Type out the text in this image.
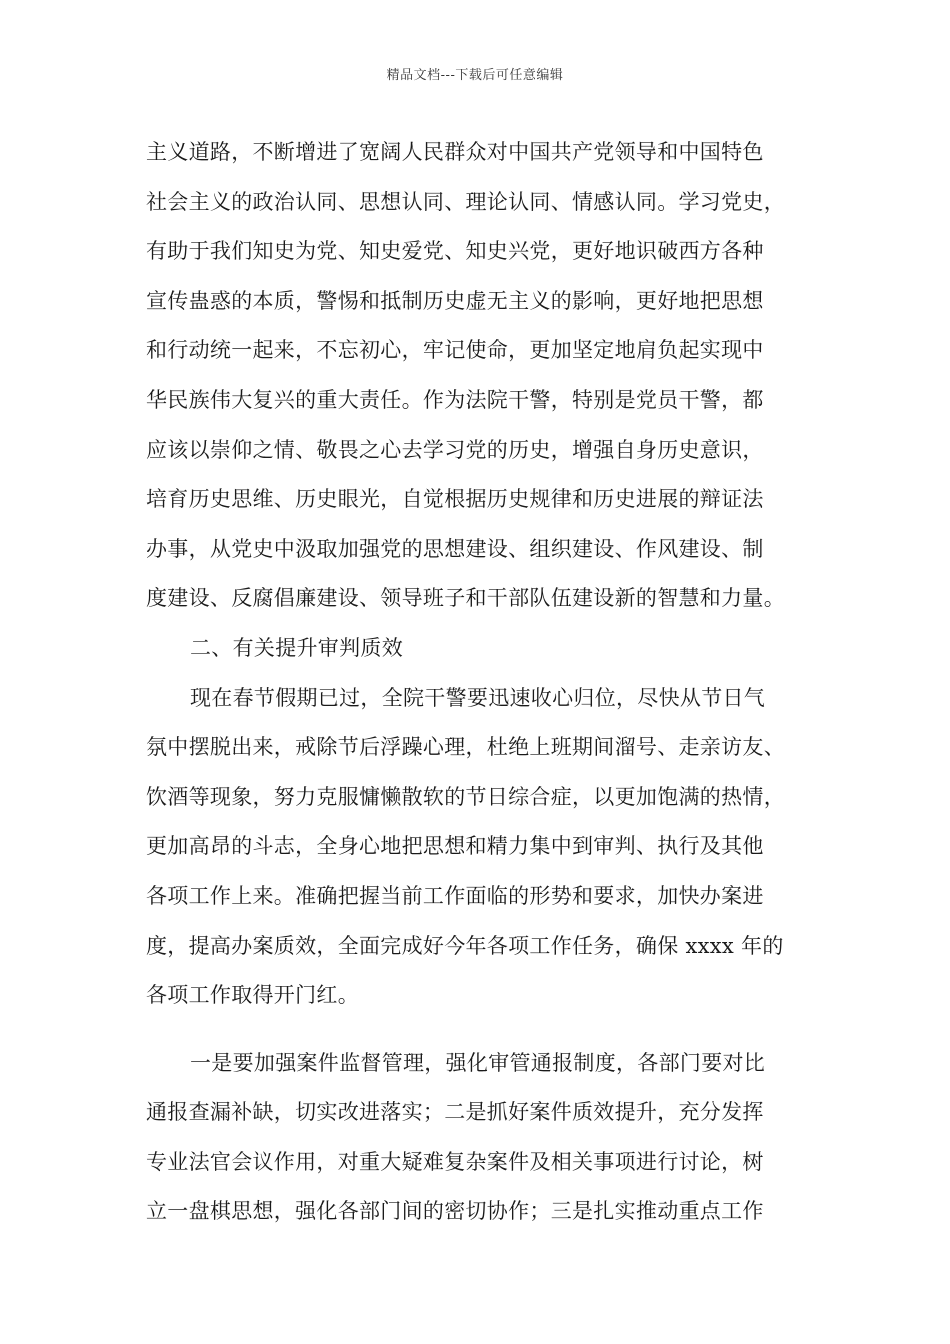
精品文档---下载后可任意编辑
主义道路，不断增进了宽阔人民群众对中国共产党领导和中国特色
社会主义的政治认同、思想认同、理论认同、情感认同。学习党史，
有助于我们知史为党、知史爱党、知史兴党，更好地识破西方各种
宣传蛊惑的本质，警惕和抵制历史虚无主义的影响，更好地把思想
和行动统一起来，不忘初心，牢记使命，更加坚定地肩负起实现中
华民族伟大复兴的重大责任。作为法院干警，特别是党员干警，都
应该以崇仰之情、敬畏之心去学习党的历史，增强自身历史意识，
培育历史思维、历史眼光，自觉根据历史规律和历史进展的辩证法
办事，从党史中汲取加强党的思想建设、组织建设、作风建设、制
度建设、反腐倡廉建设、领导班子和干部队伍建设新的智慧和力量。
二、有关提升审判质效
现在春节假期已过，全院干警要迅速收心归位，尽快从节日气
氛中摆脱出来，戒除节后浮躁心理，杜绝上班期间溜号、走亲访友、
饮酒等现象，努力克服慵懒散软的节日综合症，以更加饱满的热情，
更加高昂的斗志，全身心地把思想和精力集中到审判、执行及其他
各项工作上来。准确把握当前工作面临的形势和要求，加快办案进
度，提高办案质效，全面完成好今年各项工作任务，确保 xxxx 年的
各项工作取得开门红。
一是要加强案件监督管理，强化审管通报制度，各部门要对比
通报查漏补缺，切实改进落实；二是抓好案件质效提升，充分发挥
专业法官会议作用，对重大疑难复杂案件及相关事项进行讨论，树
立一盘棋思想，强化各部门间的密切协作；三是扎实推动重点工作
